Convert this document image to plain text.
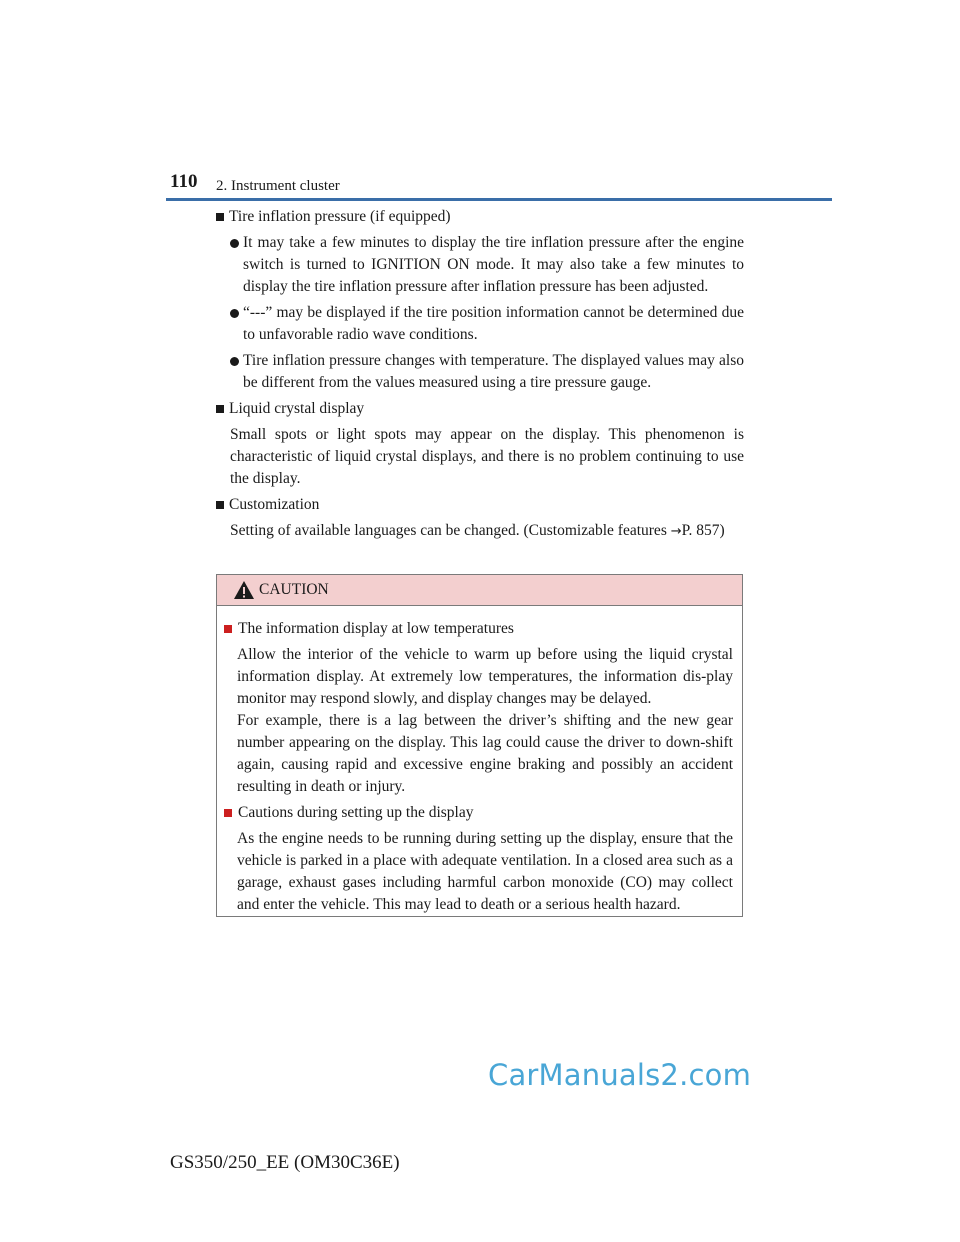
110 2. Instrument cluster

Tire inflation pressure (if equipped)

It may take a few minutes to display the tire inflation pressure after the engine switch is turned to IGNITION ON mode. It may also take a few minutes to display the tire inflation pressure after inflation pressure has been adjusted.

“---” may be displayed if the tire position information cannot be determined due to unfavorable radio wave conditions.

Tire inflation pressure changes with temperature. The displayed values may also be different from the values measured using a tire pressure gauge.

Liquid crystal display

Small spots or light spots may appear on the display. This phenomenon is characteristic of liquid crystal displays, and there is no problem continuing to use the display.

Customization

Setting of available languages can be changed. (Customizable features →P. 857)

CAUTION

The information display at low temperatures

Allow the interior of the vehicle to warm up before using the liquid crystal information display. At extremely low temperatures, the information dis-play monitor may respond slowly, and display changes may be delayed.
For example, there is a lag between the driver’s shifting and the new gear number appearing on the display. This lag could cause the driver to down-shift again, causing rapid and excessive engine braking and possibly an accident resulting in death or injury.

Cautions during setting up the display

As the engine needs to be running during setting up the display, ensure that the vehicle is parked in a place with adequate ventilation. In a closed area such as a garage, exhaust gases including harmful carbon monoxide (CO) may collect and enter the vehicle. This may lead to death or a serious health hazard.

CarManuals2.com
GS350/250_EE (OM30C36E)
